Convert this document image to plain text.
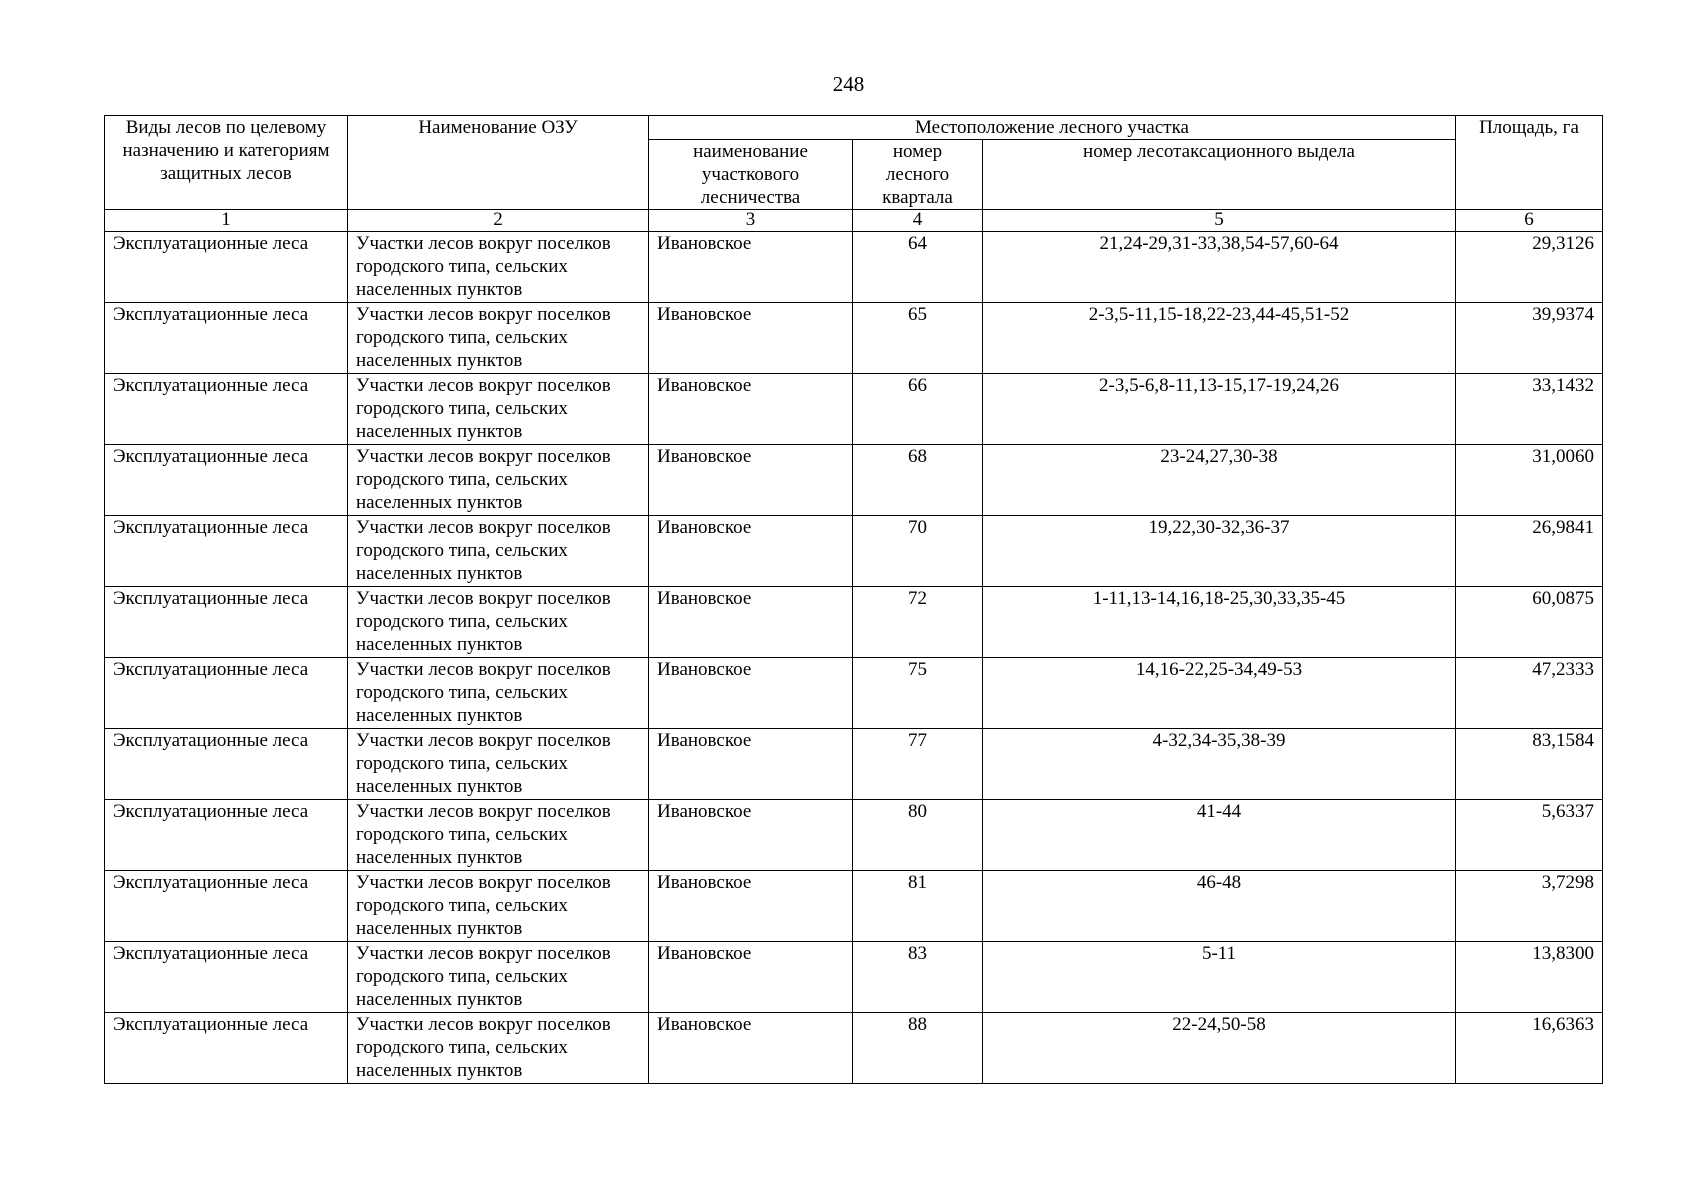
248
Виды лесов по целевому назначению и категориям защитных лесов	Наименование ОЗУ	Местоположение лесного участка			Площадь, га
		наименование участкового лесничества	номер лесного квартала	номер лесотаксационного выдела	
1	2	3	4	5	6
Эксплуатационные леса	Участки лесов вокруг поселков городского типа, сельских населенных пунктов	Ивановское	64	21,24-29,31-33,38,54-57,60-64	29,3126
Эксплуатационные леса	Участки лесов вокруг поселков городского типа, сельских населенных пунктов	Ивановское	65	2-3,5-11,15-18,22-23,44-45,51-52	39,9374
Эксплуатационные леса	Участки лесов вокруг поселков городского типа, сельских населенных пунктов	Ивановское	66	2-3,5-6,8-11,13-15,17-19,24,26	33,1432
Эксплуатационные леса	Участки лесов вокруг поселков городского типа, сельских населенных пунктов	Ивановское	68	23-24,27,30-38	31,0060
Эксплуатационные леса	Участки лесов вокруг поселков городского типа, сельских населенных пунктов	Ивановское	70	19,22,30-32,36-37	26,9841
Эксплуатационные леса	Участки лесов вокруг поселков городского типа, сельских населенных пунктов	Ивановское	72	1-11,13-14,16,18-25,30,33,35-45	60,0875
Эксплуатационные леса	Участки лесов вокруг поселков городского типа, сельских населенных пунктов	Ивановское	75	14,16-22,25-34,49-53	47,2333
Эксплуатационные леса	Участки лесов вокруг поселков городского типа, сельских населенных пунктов	Ивановское	77	4-32,34-35,38-39	83,1584
Эксплуатационные леса	Участки лесов вокруг поселков городского типа, сельских населенных пунктов	Ивановское	80	41-44	5,6337
Эксплуатационные леса	Участки лесов вокруг поселков городского типа, сельских населенных пунктов	Ивановское	81	46-48	3,7298
Эксплуатационные леса	Участки лесов вокруг поселков городского типа, сельских населенных пунктов	Ивановское	83	5-11	13,8300
Эксплуатационные леса	Участки лесов вокруг поселков городского типа, сельских населенных пунктов	Ивановское	88	22-24,50-58	16,6363
